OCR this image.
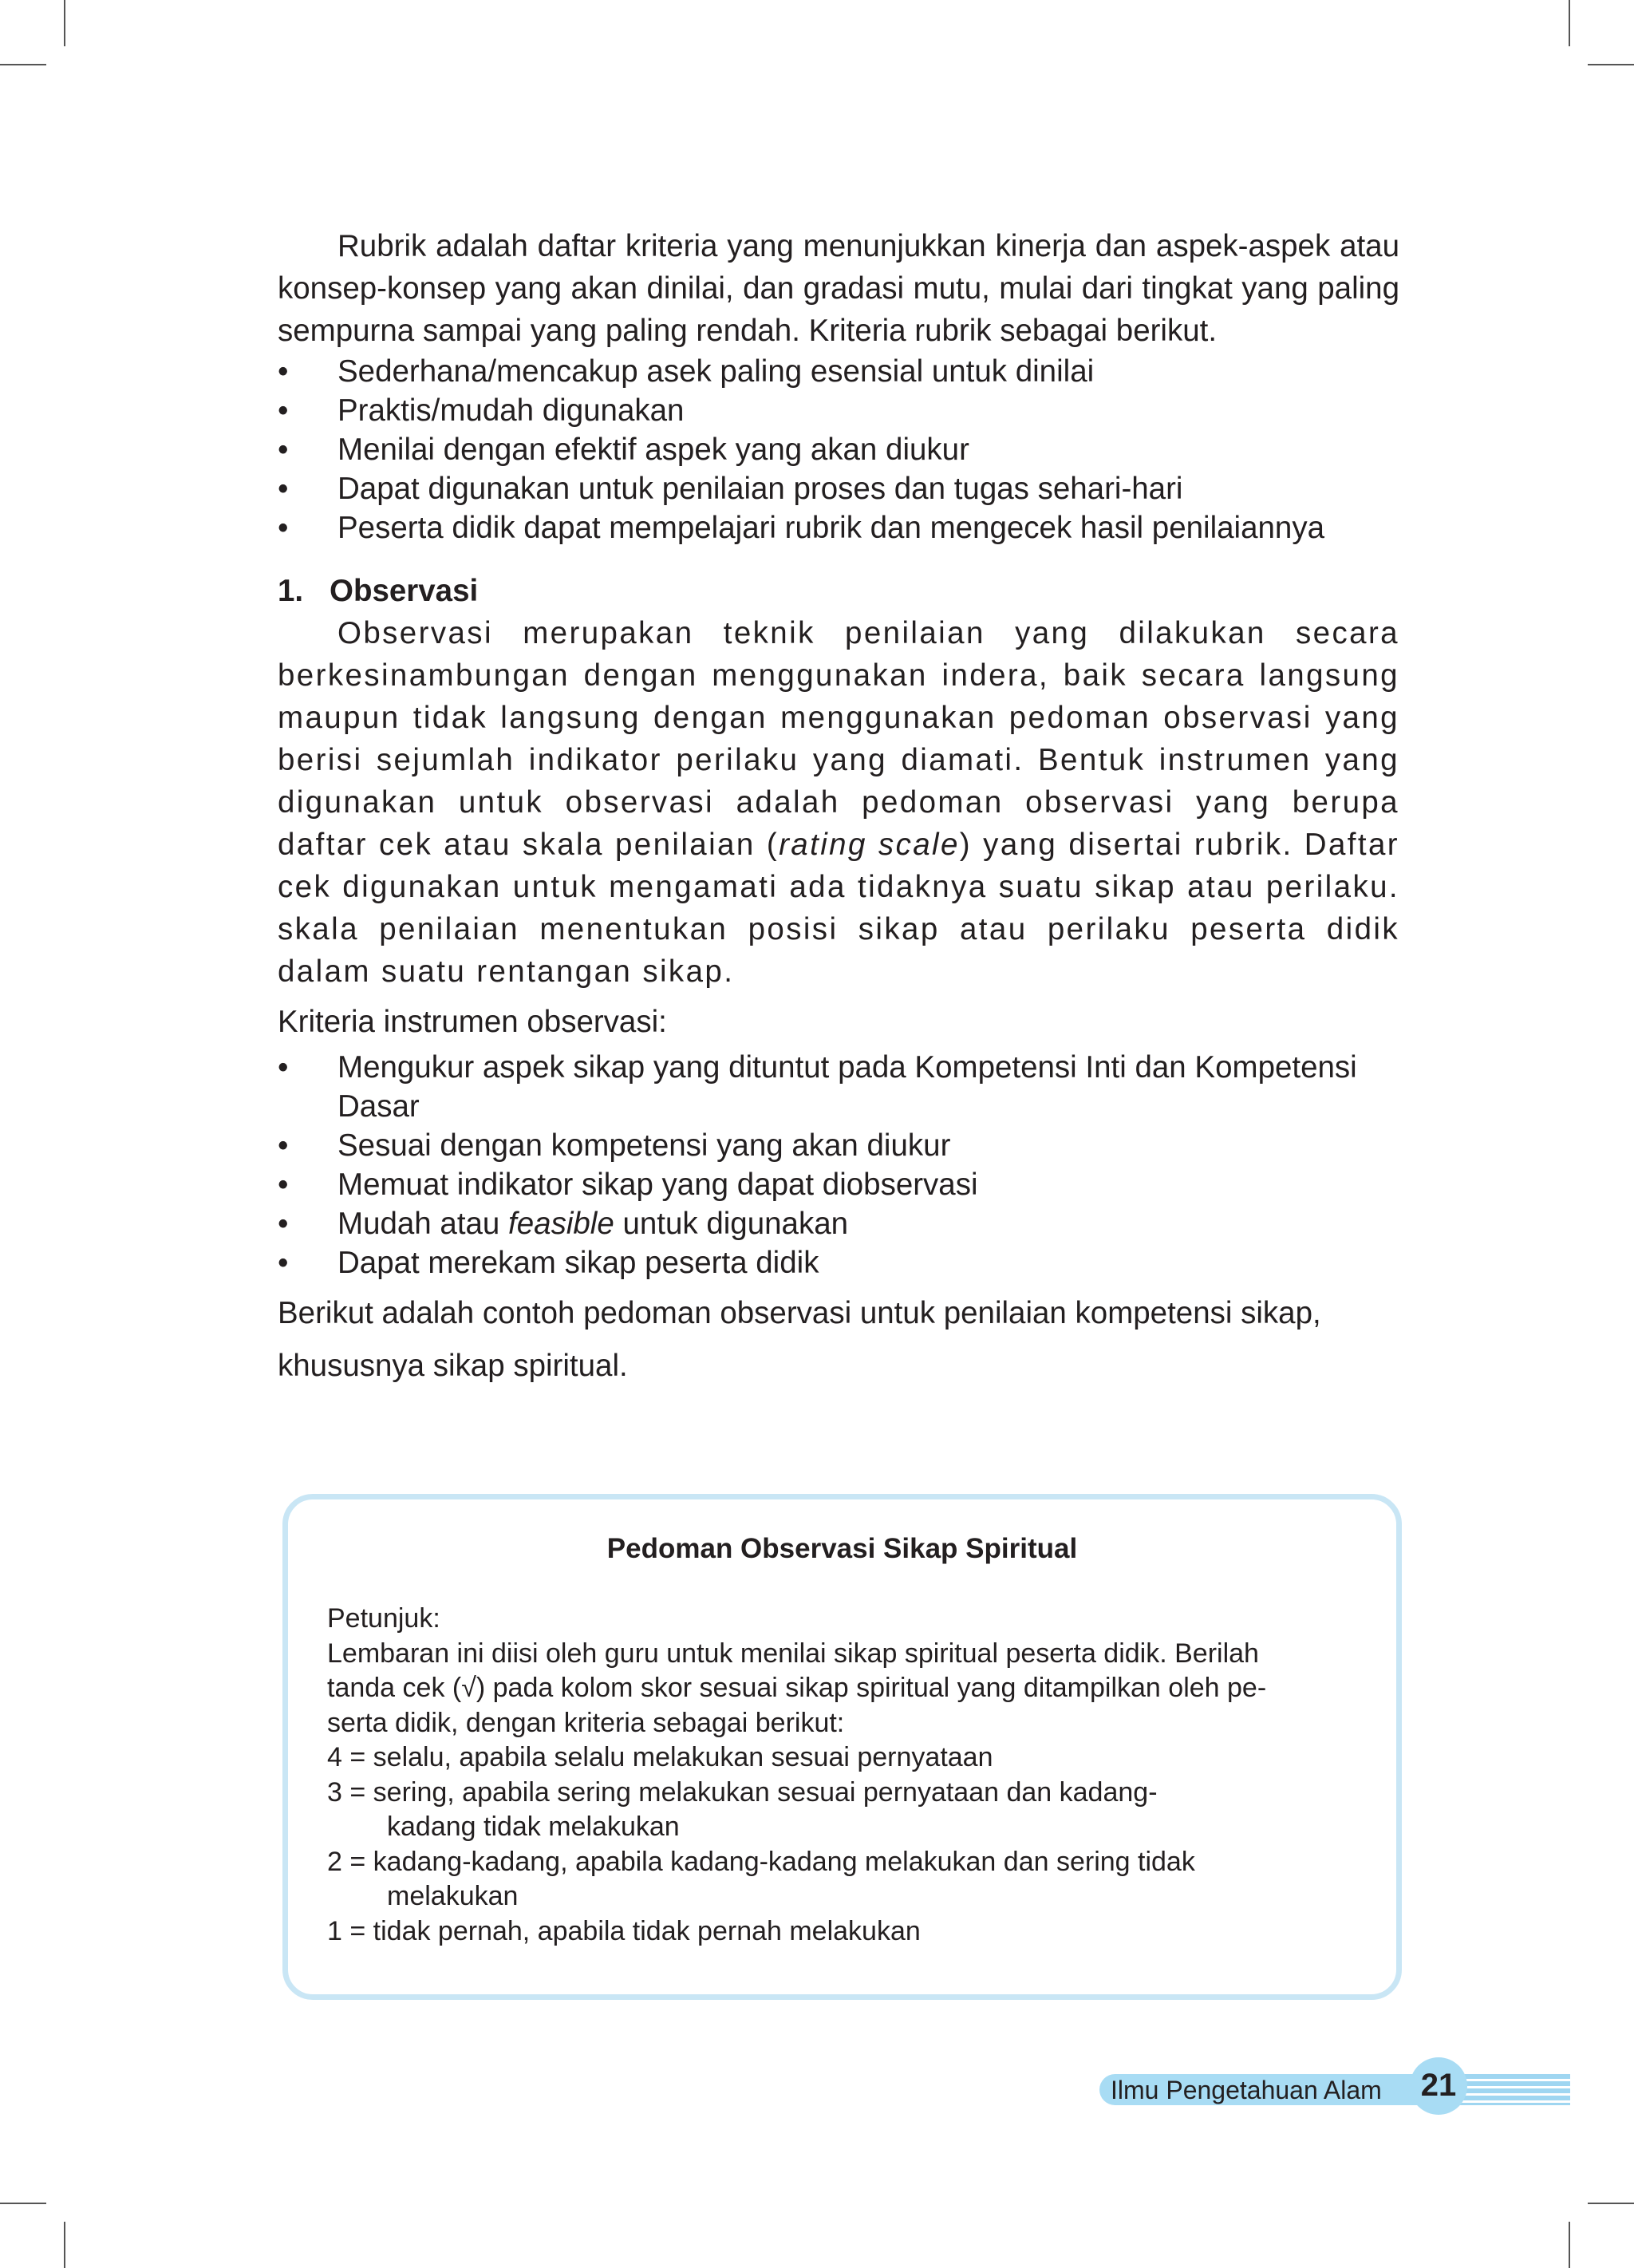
Rubrik adalah daftar kriteria yang menunjukkan kinerja dan aspek-aspek atau konsep-konsep yang akan dinilai, dan gradasi mutu, mulai dari tingkat yang paling sempurna sampai yang paling rendah. Kriteria rubrik sebagai berikut.

• Sederhana/mencakup asek paling esensial untuk dinilai
• Praktis/mudah digunakan
• Menilai dengan efektif aspek yang akan diukur
• Dapat digunakan untuk penilaian proses dan tugas sehari-hari
• Peserta didik dapat mempelajari rubrik dan mengecek hasil penilaiannya
1. Observasi

Observasi merupakan teknik penilaian yang dilakukan secara berkesinambungan dengan menggunakan indera, baik secara langsung maupun tidak langsung dengan menggunakan pedoman observasi yang berisi sejumlah indikator perilaku yang diamati. Bentuk instrumen yang digunakan untuk observasi adalah pedoman observasi yang berupa daftar cek atau skala penilaian (rating scale) yang disertai rubrik. Daftar cek digunakan untuk mengamati ada tidaknya suatu sikap atau perilaku. skala penilaian menentukan posisi sikap atau perilaku peserta didik dalam suatu rentangan sikap.

Kriteria instrumen observasi:

• Mengukur aspek sikap yang dituntut pada Kompetensi Inti dan Kompetensi Dasar
• Sesuai dengan kompetensi yang akan diukur
• Memuat indikator sikap yang dapat diobservasi
• Mudah atau feasible untuk digunakan
• Dapat merekam sikap peserta didik

Berikut adalah contoh pedoman observasi untuk penilaian kompetensi sikap,
khususnya sikap spiritual.

Pedoman Observasi Sikap Spiritual
Petunjuk:
Lembaran ini diisi oleh guru untuk menilai sikap spiritual peserta didik. Berilah
tanda cek (√) pada kolom skor sesuai sikap spiritual yang ditampilkan oleh pe-
serta didik, dengan kriteria sebagai berikut:
4 = selalu, apabila selalu melakukan sesuai pernyataan
3 = sering, apabila sering melakukan sesuai pernyataan dan kadang-
kadang tidak melakukan
2 = kadang-kadang, apabila kadang-kadang melakukan dan sering tidak
melakukan
1 = tidak pernah, apabila tidak pernah melakukan
Ilmu Pengetahuan Alam	21
